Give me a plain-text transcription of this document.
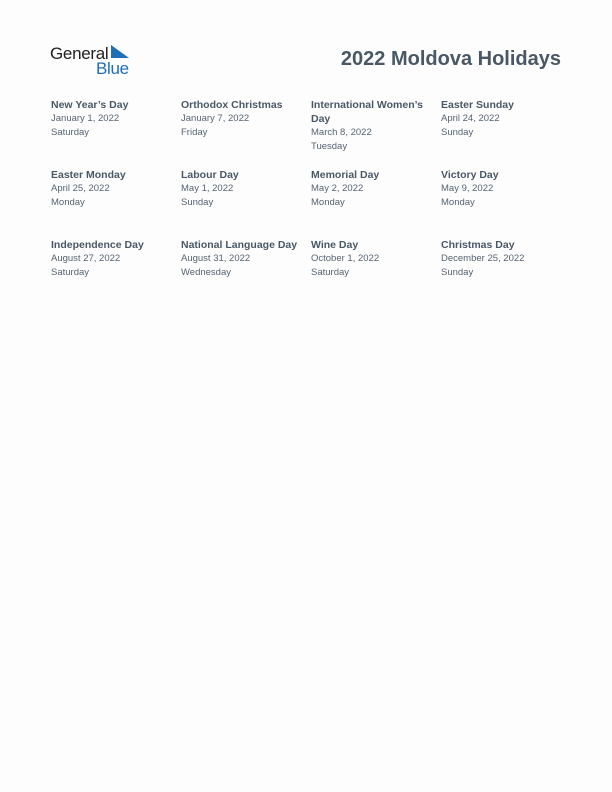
General
Blue	2022 Moldova Holidays
New Year’s Day
January 1, 2022
Saturday
Orthodox Christmas
January 7, 2022
Friday
International Women’s Day
March 8, 2022
Tuesday
Easter Sunday
April 24, 2022
Sunday
Easter Monday
April 25, 2022
Monday
Labour Day
May 1, 2022
Sunday
Memorial Day
May 2, 2022
Monday
Victory Day
May 9, 2022
Monday
Independence Day
August 27, 2022
Saturday
National Language Day
August 31, 2022
Wednesday
Wine Day
October 1, 2022
Saturday
Christmas Day
December 25, 2022
Sunday
